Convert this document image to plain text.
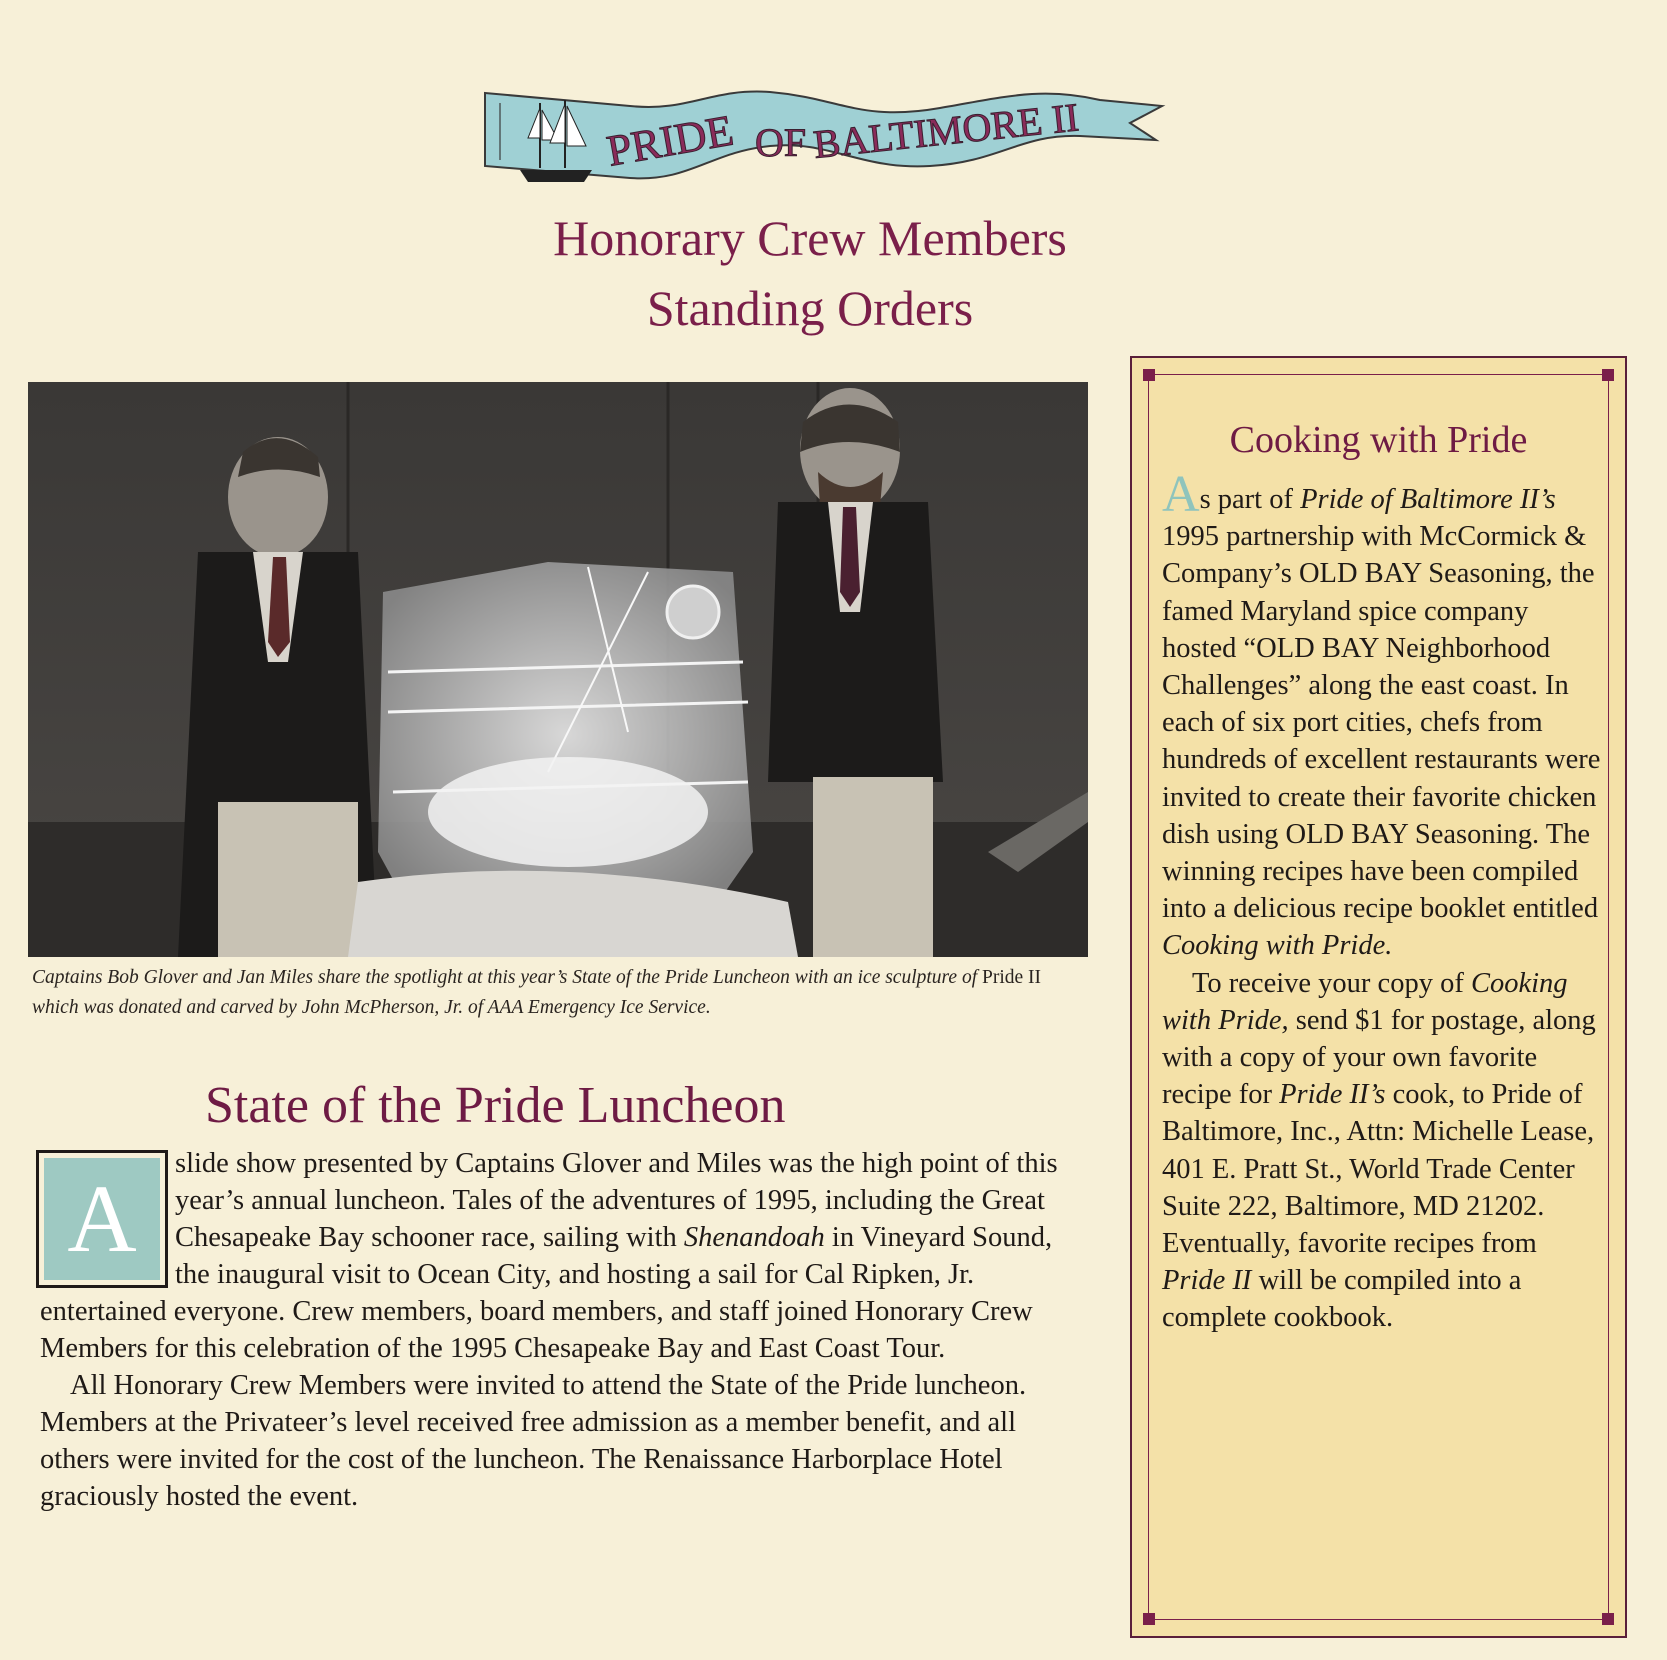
PRIDE OF BALTIMORE II
Honorary Crew Members
Standing Orders
Captains Bob Glover and Jan Miles share the spotlight at this year’s State of the Pride Luncheon with an ice sculpture of Pride II which was donated and carved by John McPherson, Jr. of AAA Emergency Ice Service.
State of the Pride Luncheon

slide show presented by Captains Glover and Miles was the high point of this year’s annual luncheon. Tales of the adventures of 1995, including the Great Chesapeake Bay schooner race, sailing with Shenandoah in Vineyard Sound, the inaugural visit to Ocean City, and hosting a sail for Cal Ripken, Jr. entertained everyone. Crew members, board members, and staff joined Honorary Crew Members for this celebration of the 1995 Chesapeake Bay and East Coast Tour.

All Honorary Crew Members were invited to attend the State of the Pride luncheon. Members at the Privateer’s level received free admission as a member benefit, and all others were invited for the cost of the luncheon. The Renaissance Harborplace Hotel graciously hosted the event.

A
Cooking with Pride

As part of Pride of Baltimore II’s 1995 partnership with McCormick & Company’s OLD BAY Seasoning, the famed Maryland spice company hosted “OLD BAY Neighborhood Challenges” along the east coast. In each of six port cities, chefs from hundreds of excellent restaurants were invited to create their favorite chicken dish using OLD BAY Seasoning. The winning recipes have been compiled into a delicious recipe booklet entitled Cooking with Pride.

To receive your copy of Cooking with Pride, send $1 for postage, along with a copy of your own favorite recipe for Pride II’s cook, to Pride of Baltimore, Inc., Attn: Michelle Lease, 401 E. Pratt St., World Trade Center Suite 222, Baltimore, MD 21202. Eventually, favorite recipes from Pride II will be compiled into a complete cookbook.
